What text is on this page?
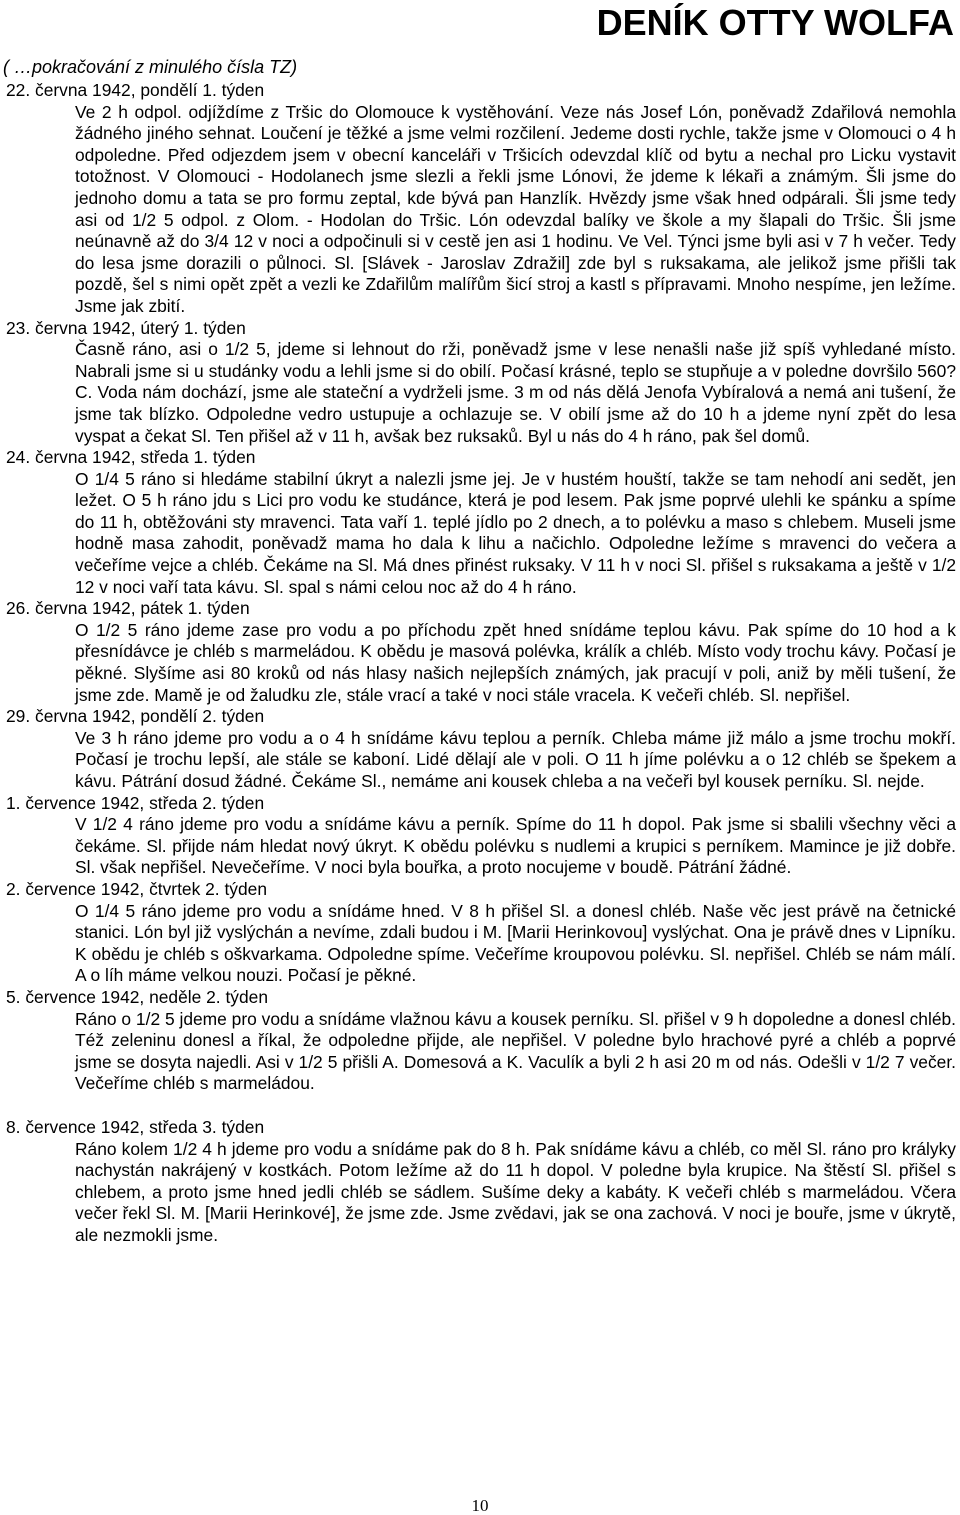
DENÍK OTTY WOLFA
( …pokračování z minulého čísla TZ)
22. června 1942, pondělí 1. týden
Ve 2 h odpol. odjíždíme z Tršic do Olomouce k vystěhování. Veze nás Josef Lón, poněvadž Zdařilová nemohla žádného jiného sehnat. Loučení je těžké a jsme velmi rozčilení. Jedeme dosti rychle, takže jsme v Olomouci o 4 h odpoledne. Před odjezdem jsem v obecní kanceláři v Tršicích odevzdal klíč od bytu a nechal pro Licku vystavit totožnost. V Olomouci - Hodolanech jsme slezli a řekli jsme Lónovi, že jdeme k lékaři a známým. Šli jsme do jednoho domu a tata se pro formu zeptal, kde bývá pan Hanzlík. Hvězdy jsme však hned odpárali. Šli jsme tedy asi od 1/2 5 odpol. z Olom. - Hodolan do Tršic. Lón odevzdal balíky ve škole a my šlapali do Tršic. Šli jsme neúnavně až do 3/4 12 v noci a odpočinuli si v cestě jen asi 1 hodinu. Ve Vel. Týnci jsme byli asi v 7 h večer. Tedy do lesa jsme dorazili o půlnoci. Sl. [Slávek - Jaroslav Zdražil] zde byl s ruksakama, ale jelikož jsme přišli tak pozdě, šel s nimi opět zpět a vezli ke Zdařilům malířům šicí stroj a kastl s přípravami. Mnoho nespíme, jen ležíme. Jsme jak zbití.
23. června 1942, úterý 1. týden
Časně ráno, asi o 1/2 5, jdeme si lehnout do rži, poněvadž jsme v lese nenašli naše již spíš vyhledané místo. Nabrali jsme si u studánky vodu a lehli jsme si do obilí. Počasí krásné, teplo se stupňuje a v poledne dovršilo 560?C. Voda nám dochází, jsme ale stateční a vydrželi jsme. 3 m od nás dělá Jenofa Vybíralová a nemá ani tušení, že jsme tak blízko. Odpoledne vedro ustupuje a ochlazuje se. V obilí jsme až do 10 h a jdeme nyní zpět do lesa vyspat a čekat Sl. Ten přišel až v 11 h, avšak bez ruksaků. Byl u nás do 4 h ráno, pak šel domů.
24. června 1942, středa 1. týden
O 1/4 5 ráno si hledáme stabilní úkryt a nalezli jsme jej. Je v hustém houští, takže se tam nehodí ani sedět, jen ležet. O 5 h ráno jdu s Lici pro vodu ke studánce, která je pod lesem. Pak jsme poprvé ulehli ke spánku a spíme do 11 h, obtěžováni sty mravenci. Tata vaří 1. teplé jídlo po 2 dnech, a to polévku a maso s chlebem. Museli jsme hodně masa zahodit, poněvadž mama ho dala k lihu a načichlo. Odpoledne ležíme s mravenci do večera a večeříme vejce a chléb. Čekáme na Sl. Má dnes přinést ruksaky. V 11 h v noci Sl. přišel s ruksakama a ještě v 1/2 12 v noci vaří tata kávu. Sl. spal s námi celou noc až do 4 h ráno.
26. června 1942, pátek 1. týden
O 1/2 5 ráno jdeme zase pro vodu a po příchodu zpět hned snídáme teplou kávu. Pak spíme do 10 hod a k přesnídávce je chléb s marmeládou. K obědu je masová polévka, králík a chléb. Místo vody trochu kávy. Počasí je pěkné. Slyšíme asi 80 kroků od nás hlasy našich nejlepších známých, jak pracují v poli, aniž by měli tušení, že jsme zde. Mamě je od žaludku zle, stále vrací a také v noci stále vracela. K večeři chléb. Sl. nepřišel.
29. června 1942, pondělí 2. týden
Ve 3 h ráno jdeme pro vodu a o 4 h snídáme kávu teplou a perník. Chleba máme již málo a jsme trochu mokří. Počasí je trochu lepší, ale stále se kaboní. Lidé dělají ale v poli. O 11 h jíme polévku a o 12 chléb se špekem a kávu. Pátrání dosud žádné. Čekáme Sl., nemáme ani kousek chleba a na večeři byl kousek perníku. Sl. nejde.
1. července 1942, středa 2. týden
V 1/2 4 ráno jdeme pro vodu a snídáme kávu a perník. Spíme do 11 h dopol. Pak jsme si sbalili všechny věci a čekáme. Sl. přijde nám hledat nový úkryt. K obědu polévku s nudlemi a krupici s perníkem. Mamince je již dobře. Sl. však nepřišel. Nevečeříme. V noci byla bouřka, a proto nocujeme v boudě. Pátrání žádné.
2. července 1942, čtvrtek 2. týden
O 1/4 5 ráno jdeme pro vodu a snídáme hned. V 8 h přišel Sl. a donesl chléb. Naše věc jest právě na četnické stanici. Lón byl již vyslýchán a nevíme, zdali budou i M. [Marii Herinkovou] vyslýchat. Ona je právě dnes v Lipníku. K obědu je chléb s oškvarkama. Odpoledne spíme. Večeříme kroupovou polévku. Sl. nepřišel. Chléb se nám málí. A o líh máme velkou nouzi. Počasí je pěkné.
5. července 1942, neděle 2. týden
Ráno o 1/2 5 jdeme pro vodu a snídáme vlažnou kávu a kousek perníku. Sl. přišel v 9 h dopoledne a donesl chléb. Též zeleninu donesl a říkal, že odpoledne přijde, ale nepřišel. V poledne bylo hrachové pyré a chléb a poprvé jsme se dosyta najedli. Asi v 1/2 5 přišli A. Domesová a K. Vaculík a byli 2 h asi 20 m od nás. Odešli v 1/2 7 večer. Večeříme chléb s marmeládou.
8. července 1942, středa 3. týden
Ráno kolem 1/2 4 h jdeme pro vodu a snídáme pak do 8 h. Pak snídáme kávu a chléb, co měl Sl. ráno pro krályky nachystán nakrájený v kostkách. Potom ležíme až do 11 h dopol. V poledne byla krupice. Na štěstí Sl. přišel s chlebem, a proto jsme hned jedli chléb se sádlem. Sušíme deky a kabáty. K večeři chléb s marmeládou. Včera večer řekl Sl. M. [Marii Herinkové], že jsme zde. Jsme zvědavi, jak se ona zachová. V noci je bouře, jsme v úkrytě, ale nezmokli jsme.
10
